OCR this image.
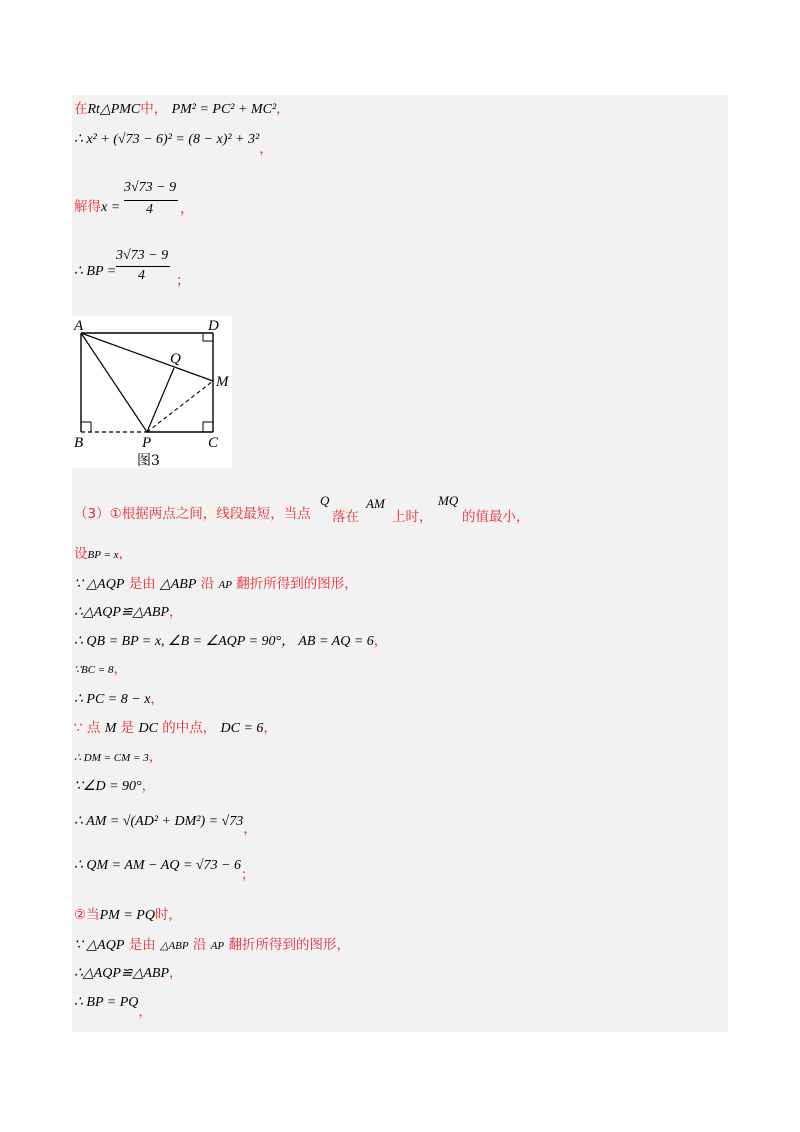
在Rt△PMC中， PM² = PC² + MC²，
∴ x² + (√73 − 6)² = (8 − x)² + 3²，
解得x =
3√73 − 9
4 ，
∴ BP =
3√73 − 9
4 ；
A	D
Q
M
B	P	C
图3
（3）①根据两点之间，线段最短，当点
Q
落在
AM
上时，
MQ
的值最小，
设BP = x，
∵ △AQP 是由 △ABP 沿 AP 翻折所得到的图形，
∴△AQP≌△ABP，
∴ QB = BP = x, ∠B = ∠AQP = 90°， AB = AQ = 6，
∵BC = 8，
∴ PC = 8 − x，
∵ 点 M 是 DC 的中点， DC = 6，
∴ DM = CM = 3，
∵∠D = 90°，
∴ AM = √(AD² + DM²) = √73，
∴ QM = AM − AQ = √73 − 6；
②当PM = PQ时，
∵ △AQP 是由 △ABP 沿 AP 翻折所得到的图形，
∴△AQP≌△ABP，
∴ BP = PQ，
